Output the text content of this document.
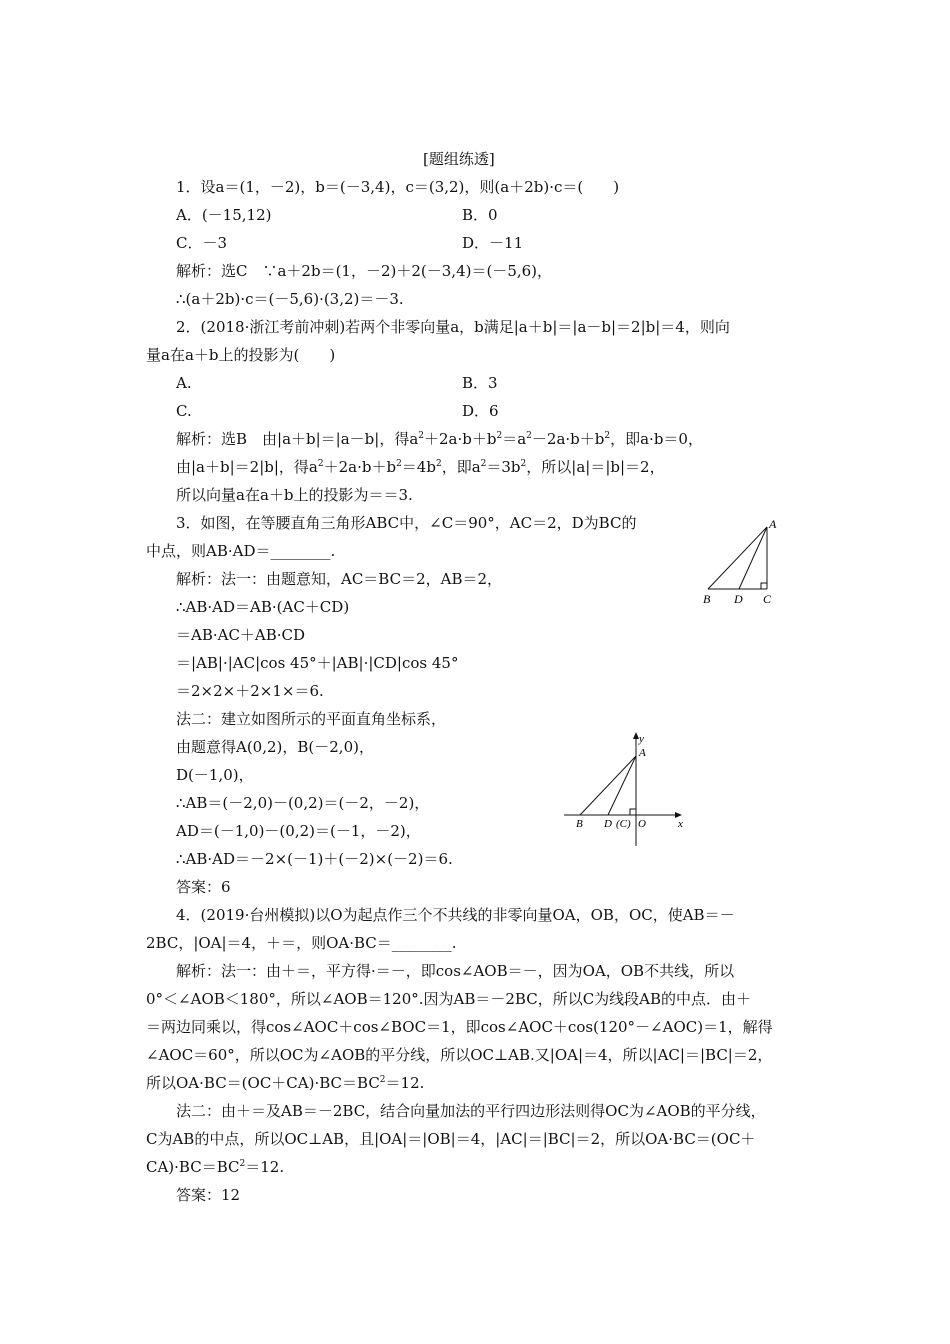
[题组练透]
1．设a＝(1，－2)，b＝(－3,4)，c＝(3,2)，则(a＋2b)·c＝(　　)
A．(－15,12)	B．0
C．－3	D．－11
解析：选C　∵a＋2b＝(1，－2)＋2(－3,4)＝(－5,6)，
∴(a＋2b)·c＝(－5,6)·(3,2)＝－3.
2．(2018·浙江考前冲刺)若两个非零向量a，b满足|a＋b|＝|a－b|＝2|b|＝4，则向
量a在a＋b上的投影为(　　)
A.	B．3
C.	D．6
解析：选B　由|a＋b|＝|a－b|，得$a^2+2a\cdot b+b^2=a^2-2a\cdot b+b^2$，即a·b＝0，
由|a＋b|＝2|b|，得$a^2+2a\cdot b+b^2=4b^2$，即$a^2=3b^2$，所以|a|＝|b|＝2，
所以向量a在a＋b上的投影为＝＝3.
3．如图，在等腰直角三角形ABC中，∠C＝90°，AC＝2，D为BC的
中点，则AB·AD＝________.
解析：法一：由题意知，AC＝BC＝2，AB＝2，
∴AB·AD＝AB·(AC＋CD)
＝AB·AC＋AB·CD
＝|AB|·|AC|cos 45°＋|AB|·|CD|cos 45°
＝2×2×＋2×1×＝6.
法二：建立如图所示的平面直角坐标系，
由题意得A(0,2)，B(－2,0)，
D(－1,0)，
∴AB＝(－2,0)－(0,2)＝(－2，－2)，
AD＝(－1,0)－(0,2)＝(－1，－2)，
∴AB·AD＝－2×(－1)＋(－2)×(－2)＝6.
答案：6
A
B D C
y
A
B D (C) O	x
4．(2019·台州模拟)以O为起点作三个不共线的非零向量OA，OB，OC，使AB＝－
2BC，|OA|＝4，＋＝，则OA·BC＝________.
解析：法一：由＋＝，平方得·＝－，即cos∠AOB＝－，因为OA，OB不共线，所以
0°＜∠AOB＜180°，所以∠AOB＝120°.因为AB＝－2BC，所以C为线段AB的中点．由＋
＝两边同乘以，得cos∠AOC＋cos∠BOC＝1，即cos∠AOC＋cos(120°－∠AOC)＝1，解得
∠AOC＝60°，所以OC为∠AOB的平分线，所以OC⊥AB.又|OA|＝4，所以|AC|＝|BC|＝2，
所以$OA\cdot BC=(OC+CA)\cdot BC=BC^2=12$.
法二：由＋＝及AB＝－2BC，结合向量加法的平行四边形法则得OC为∠AOB的平分线，
C为AB的中点，所以OC⊥AB，且|OA|＝|OB|＝4，|AC|＝|BC|＝2，所以OA·BC＝(OC＋
$CA)\cdot BC=BC^2=12$.
答案：12
